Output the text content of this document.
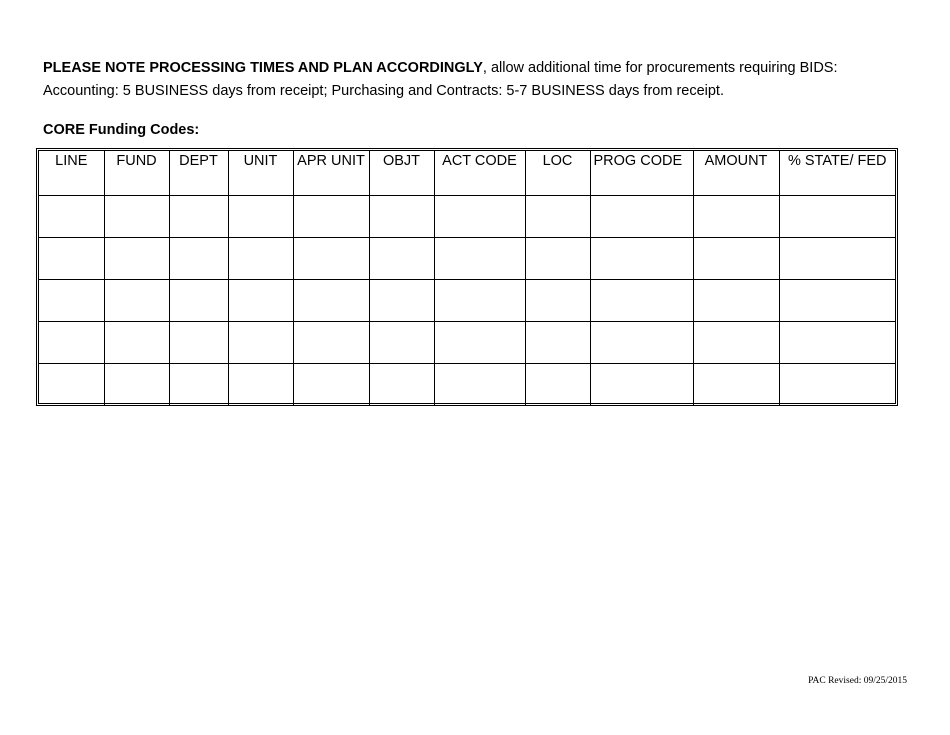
PLEASE NOTE PROCESSING TIMES AND PLAN ACCORDINGLY, allow additional time for procurements requiring BIDS:
Accounting: 5 BUSINESS days from receipt; Purchasing and Contracts: 5-7 BUSINESS days from receipt.
CORE Funding Codes:
LINE	FUND	DEPT	UNIT	APR UNIT	OBJT	ACT CODE	LOC	PROG CODE	AMOUNT	% STATE/ FED

PAC Revised: 09/25/2015
